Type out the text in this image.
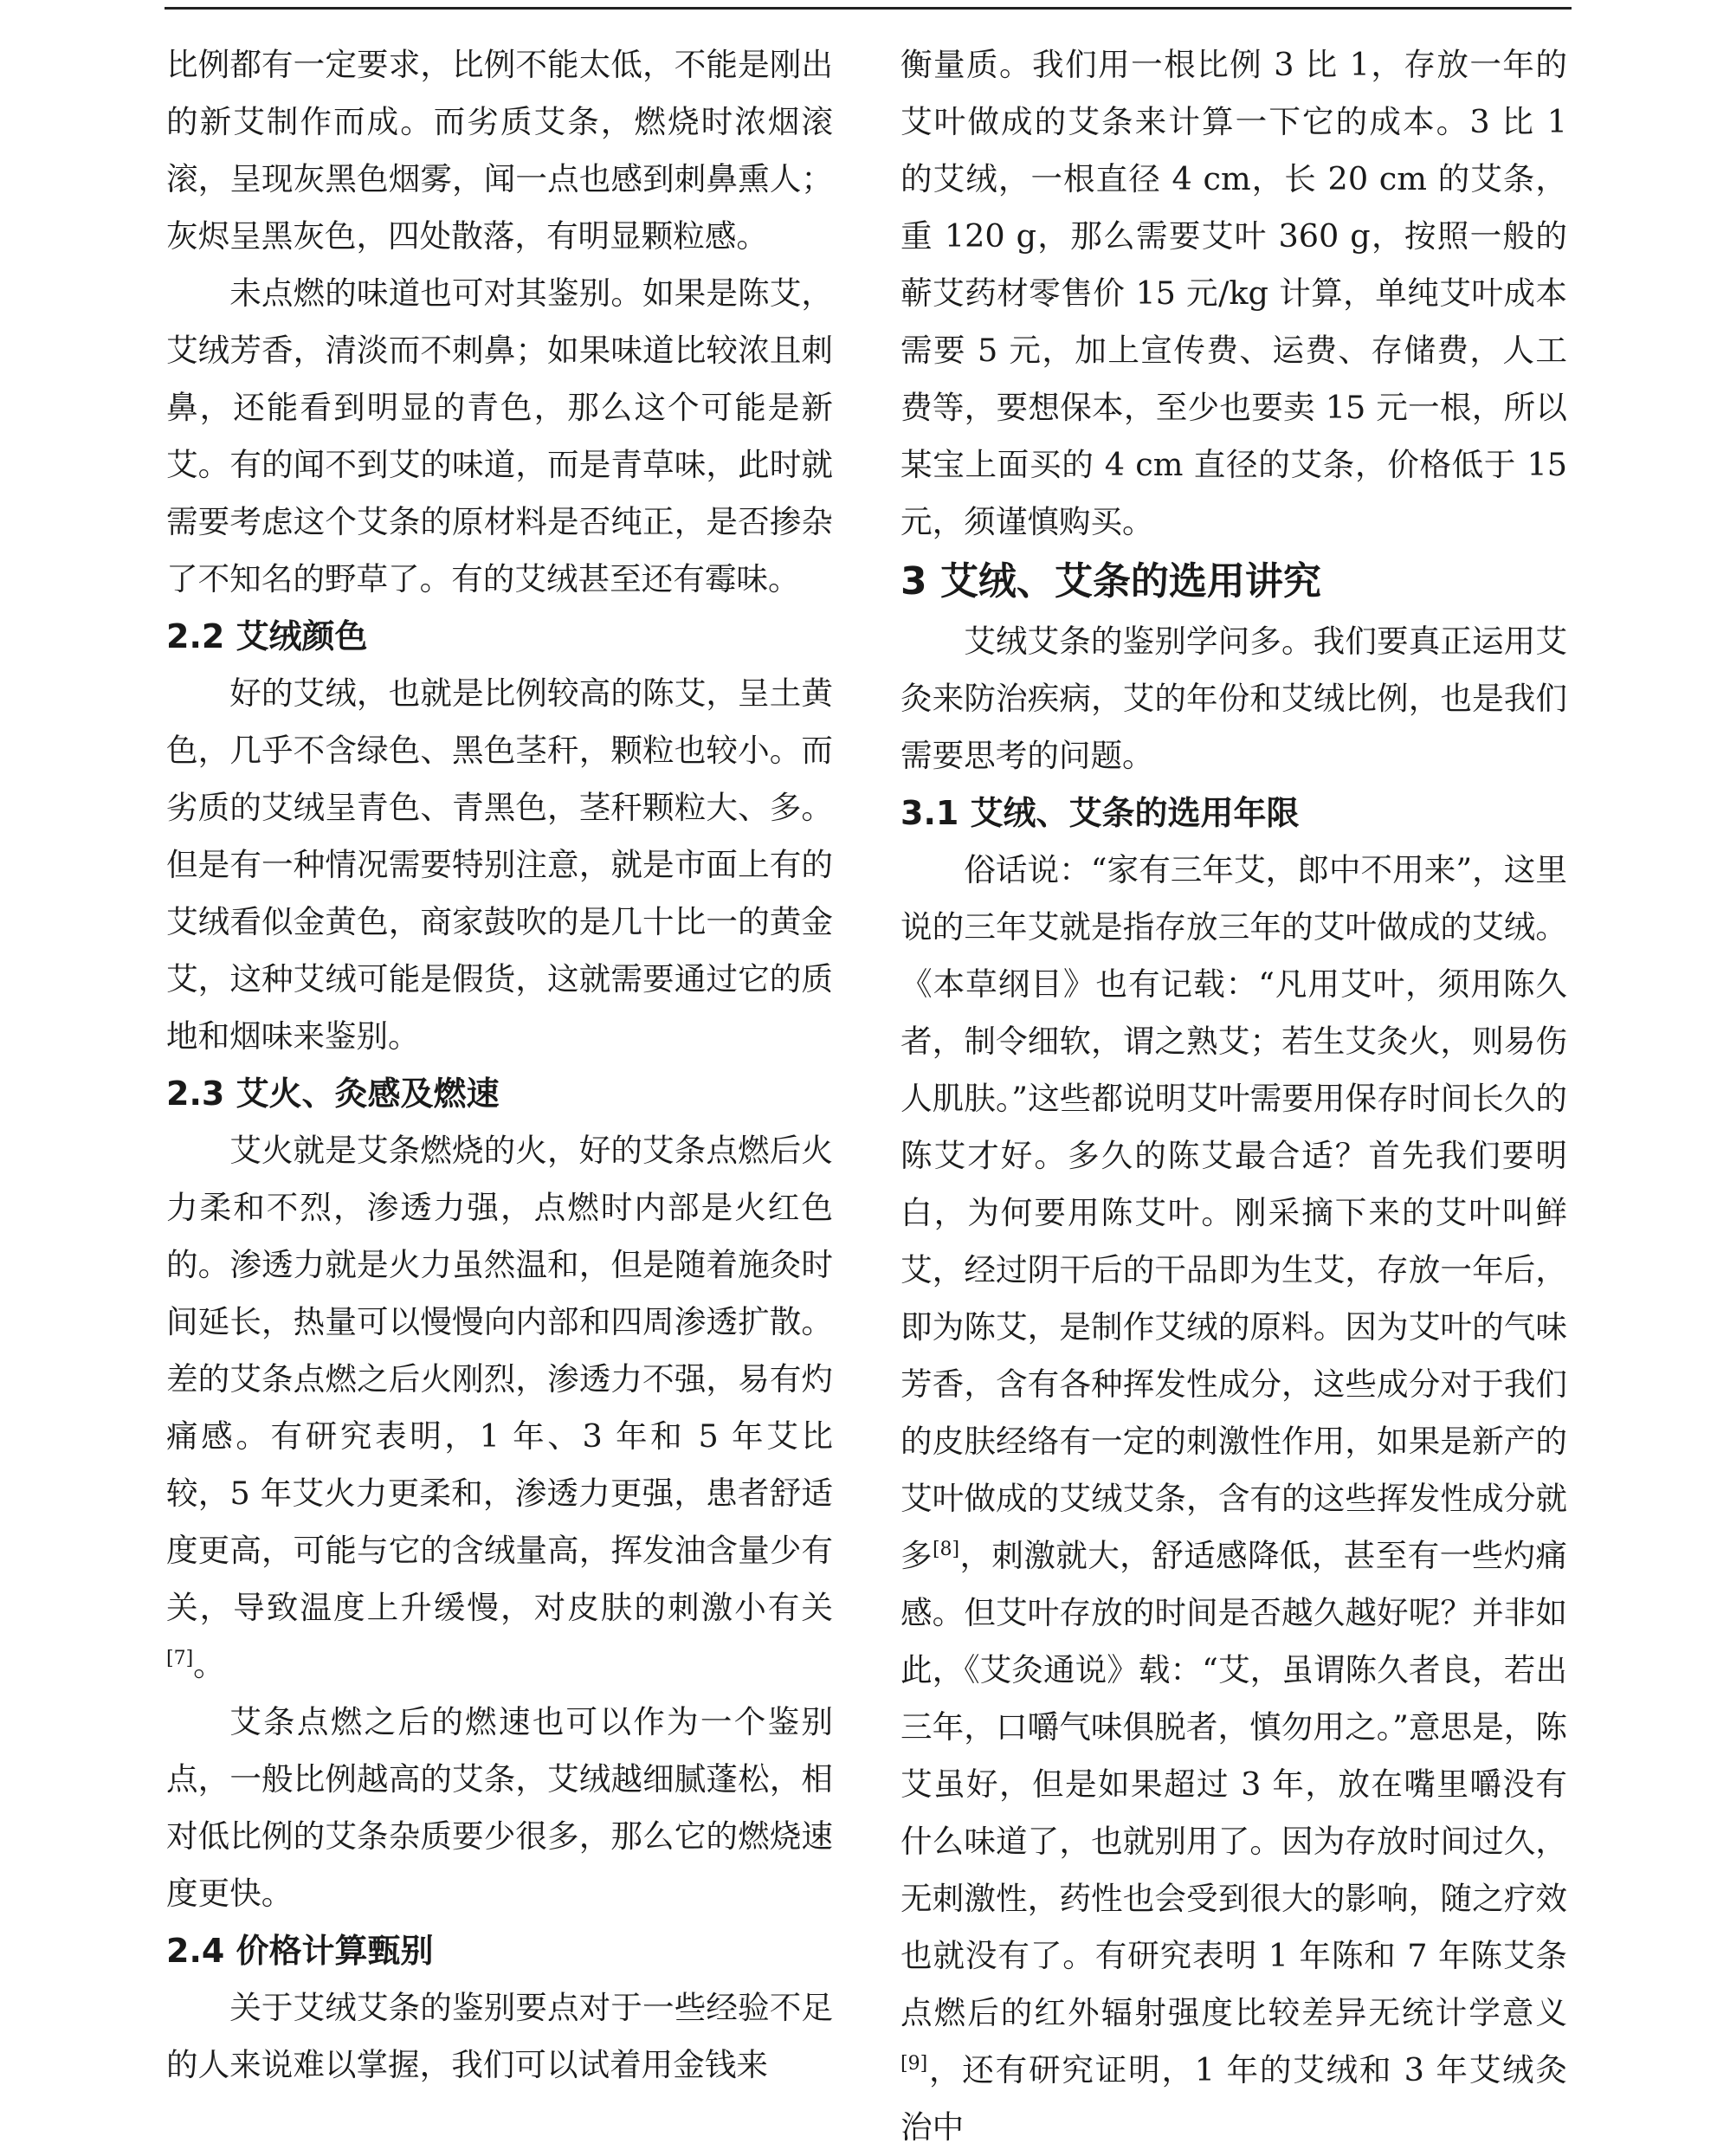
比例都有一定要求，比例不能太低，不能是刚出的新艾制作而成。而劣质艾条，燃烧时浓烟滚滚，呈现灰黑色烟雾，闻一点也感到刺鼻熏人；灰烬呈黑灰色，四处散落，有明显颗粒感。

未点燃的味道也可对其鉴别。如果是陈艾，艾绒芳香，清淡而不刺鼻；如果味道比较浓且刺鼻，还能看到明显的青色，那么这个可能是新艾。有的闻不到艾的味道，而是青草味，此时就需要考虑这个艾条的原材料是否纯正，是否掺杂了不知名的野草了。有的艾绒甚至还有霉味。

2.2 艾绒颜色

好的艾绒，也就是比例较高的陈艾，呈土黄色，几乎不含绿色、黑色茎秆，颗粒也较小。而劣质的艾绒呈青色、青黑色，茎秆颗粒大、多。但是有一种情况需要特别注意，就是市面上有的艾绒看似金黄色，商家鼓吹的是几十比一的黄金艾，这种艾绒可能是假货，这就需要通过它的质地和烟味来鉴别。

2.3 艾火、灸感及燃速

艾火就是艾条燃烧的火，好的艾条点燃后火力柔和不烈，渗透力强，点燃时内部是火红色的。渗透力就是火力虽然温和，但是随着施灸时间延长，热量可以慢慢向内部和四周渗透扩散。差的艾条点燃之后火刚烈，渗透力不强，易有灼痛感。有研究表明，1 年、3 年和 5 年艾比较，5 年艾火力更柔和，渗透力更强，患者舒适度更高，可能与它的含绒量高，挥发油含量少有关，导致温度上升缓慢，对皮肤的刺激小有关[7]。

艾条点燃之后的燃速也可以作为一个鉴别点，一般比例越高的艾条，艾绒越细腻蓬松，相对低比例的艾条杂质要少很多，那么它的燃烧速度更快。

2.4 价格计算甄别

关于艾绒艾条的鉴别要点对于一些经验不足的人来说难以掌握，我们可以试着用金钱来

衡量质。我们用一根比例 3 比 1，存放一年的艾叶做成的艾条来计算一下它的成本。3 比 1 的艾绒，一根直径 4 cm，长 20 cm 的艾条，重 120 g，那么需要艾叶 360 g，按照一般的蕲艾药材零售价 15 元/kg 计算，单纯艾叶成本需要 5 元，加上宣传费、运费、存储费，人工费等，要想保本，至少也要卖 15 元一根，所以某宝上面买的 4 cm 直径的艾条，价格低于 15 元，须谨慎购买。

3 艾绒、艾条的选用讲究

艾绒艾条的鉴别学问多。我们要真正运用艾灸来防治疾病，艾的年份和艾绒比例，也是我们需要思考的问题。

3.1 艾绒、艾条的选用年限

俗话说：“家有三年艾，郎中不用来”，这里说的三年艾就是指存放三年的艾叶做成的艾绒。《本草纲目》也有记载：“凡用艾叶，须用陈久者，制令细软，谓之熟艾；若生艾灸火，则易伤人肌肤。”这些都说明艾叶需要用保存时间长久的陈艾才好。多久的陈艾最合适？首先我们要明白，为何要用陈艾叶。刚采摘下来的艾叶叫鲜艾，经过阴干后的干品即为生艾，存放一年后，即为陈艾，是制作艾绒的原料。因为艾叶的气味芳香，含有各种挥发性成分，这些成分对于我们的皮肤经络有一定的刺激性作用，如果是新产的艾叶做成的艾绒艾条，含有的这些挥发性成分就多[8]，刺激就大，舒适感降低，甚至有一些灼痛感。但艾叶存放的时间是否越久越好呢？并非如此，《艾灸通说》载：“艾，虽谓陈久者良，若出三年，口嚼气味俱脱者，慎勿用之。”意思是，陈艾虽好，但是如果超过 3 年，放在嘴里嚼没有什么味道了，也就别用了。因为存放时间过久，无刺激性，药性也会受到很大的影响，随之疗效也就没有了。有研究表明 1 年陈和 7 年陈艾条点燃后的红外辐射强度比较差异无统计学意义[9]，还有研究证明，1 年的艾绒和 3 年艾绒灸治中
